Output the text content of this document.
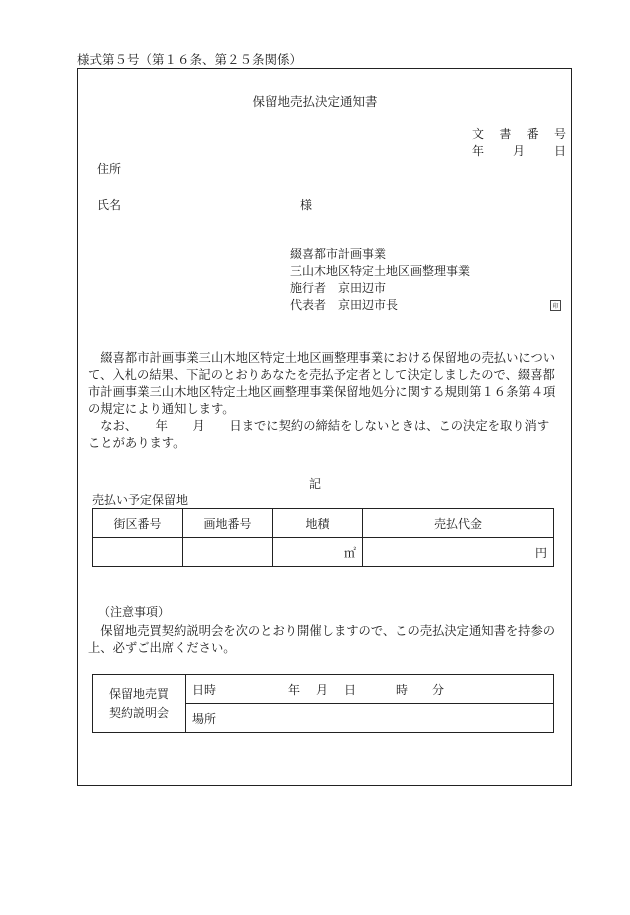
様式第５号（第１６条、第２５条関係）
保留地売払決定通知書
文 書 番 号
年 月 日
住所
氏名	様
綴喜都市計画事業
三山木地区特定土地区画整理事業
施行者　京田辺市
代表者　京田辺市長	印
　綴喜都市計画事業三山木地区特定土地区画整理事業における保留地の売払いについて、入札の結果、下記のとおりあなたを売払予定者として決定しましたので、綴喜都市計画事業三山木地区特定土地区画整理事業保留地処分に関する規則第１６条第４項の規定により通知します。
　なお、　　年　　月　　日までに契約の締結をしないときは、この決定を取り消すことがあります。
記
売払い予定保留地
街区番号	画地番号	地積	売払代金
		㎡	円
（注意事項）
　保留地売買契約説明会を次のとおり開催しますので、この売払決定通知書を持参の上、必ずご出席ください。
保留地売買
契約説明会
	日時	年 月 日	時 分
場所
